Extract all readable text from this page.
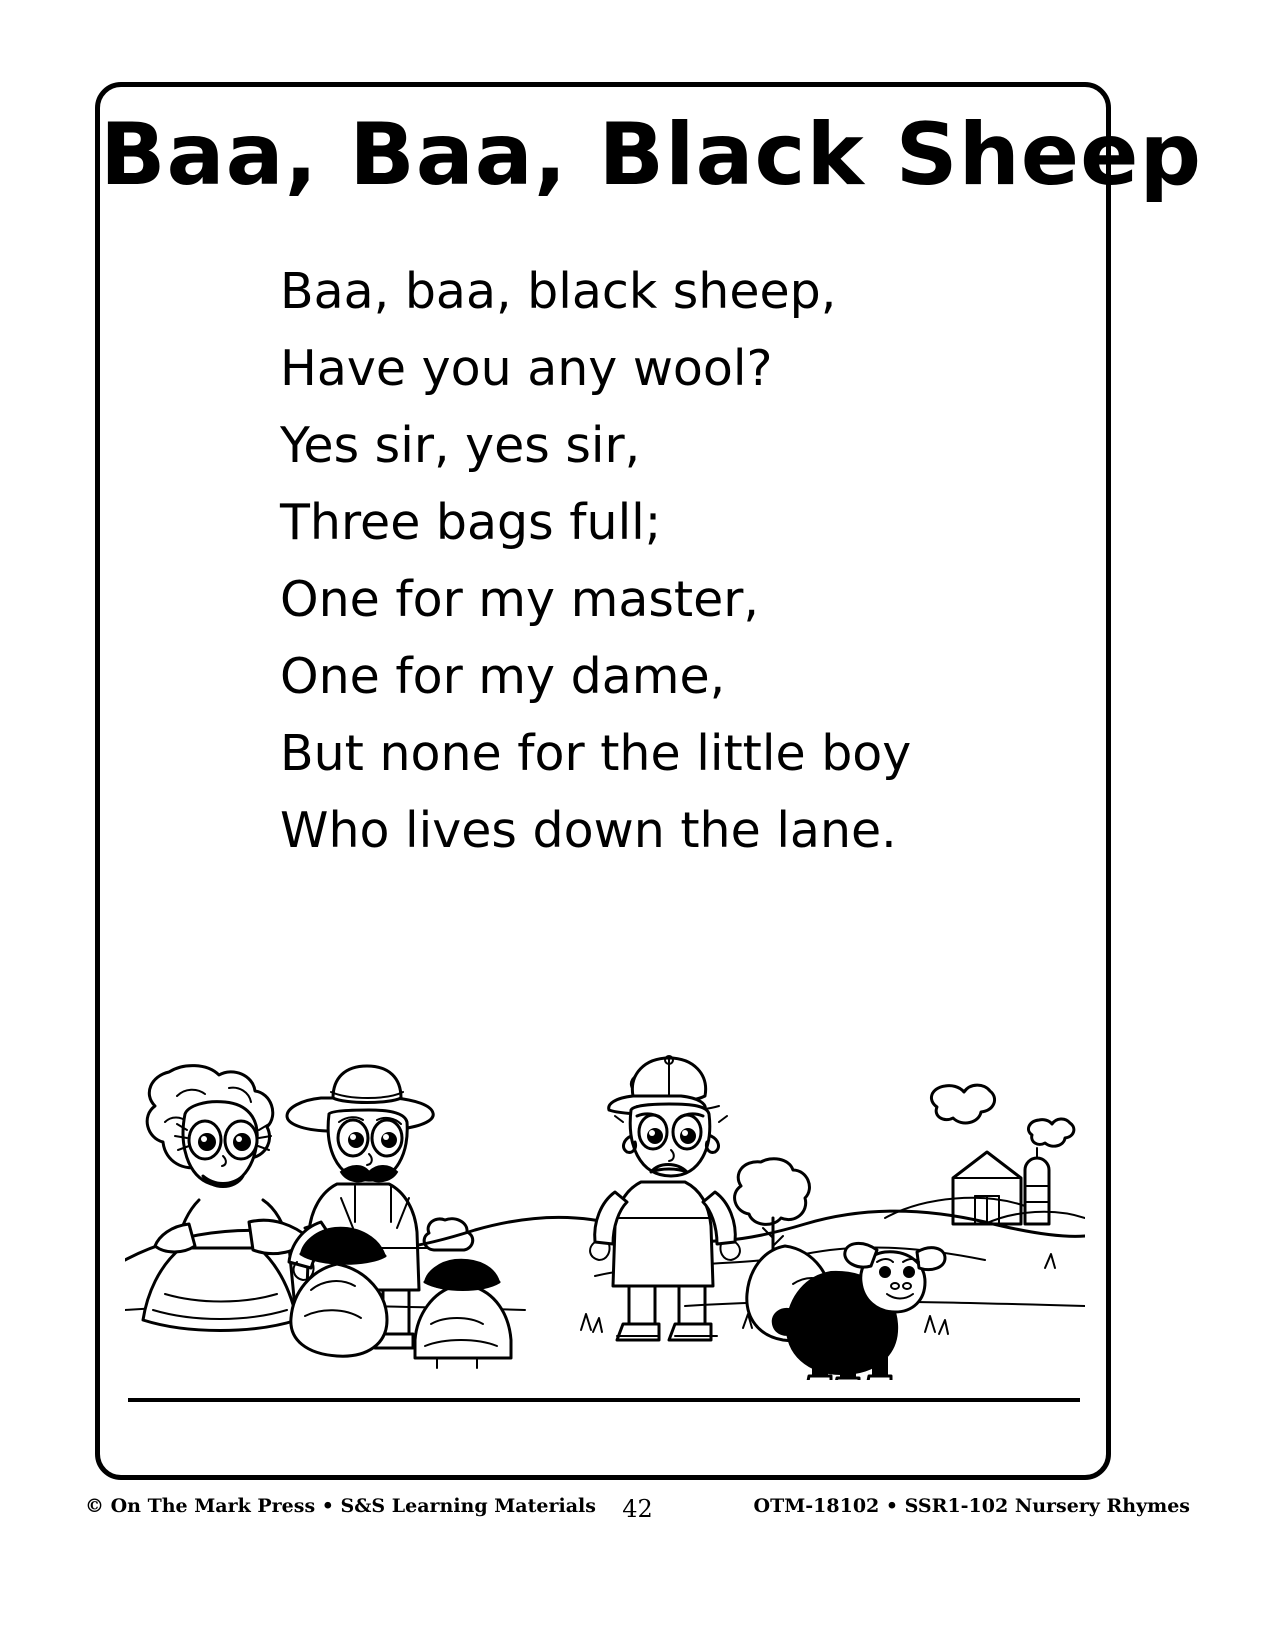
Baa, Baa, Black Sheep
Baa, baa, black sheep,
Have you any wool?
Yes sir, yes sir,
Three bags full;
One for my master,
One for my dame,
But none for the little boy
Who lives down the lane.
© On The Mark Press • S&S Learning Materials	42	OTM-18102 • SSR1-102 Nursery Rhymes
